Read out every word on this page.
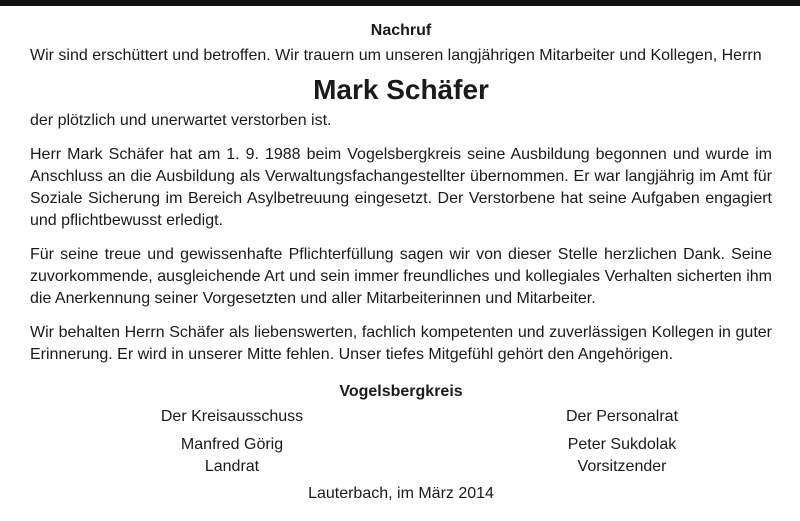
Nachruf

Wir sind erschüttert und betroffen. Wir trauern um unseren langjährigen Mitarbeiter und Kollegen, Herrn

Mark Schäfer

der plötzlich und unerwartet verstorben ist.

Herr Mark Schäfer hat am 1. 9. 1988 beim Vogelsbergkreis seine Ausbildung begonnen und wurde im Anschluss an die Ausbildung als Verwaltungsfachangestellter übernommen. Er war langjährig im Amt für Soziale Sicherung im Bereich Asylbetreuung eingesetzt. Der Verstorbene hat seine Aufgaben engagiert und pflichtbewusst erledigt.

Für seine treue und gewissenhafte Pflichterfüllung sagen wir von dieser Stelle herzlichen Dank. Seine zuvorkommende, ausgleichende Art und sein immer freundliches und kollegiales Verhalten sicherten ihm die Anerkennung seiner Vorgesetzten und aller Mitarbeiterinnen und Mitarbeiter.

Wir behalten Herrn Schäfer als liebenswerten, fachlich kompetenten und zuverlässigen Kollegen in guter Erinnerung. Er wird in unserer Mitte fehlen. Unser tiefes Mitgefühl gehört den Angehörigen.

Vogelsbergkreis

Der Kreisausschuss
Manfred Görig
Landrat
Der Personalrat
Peter Sukdolak
Vorsitzender

Lauterbach, im März 2014
